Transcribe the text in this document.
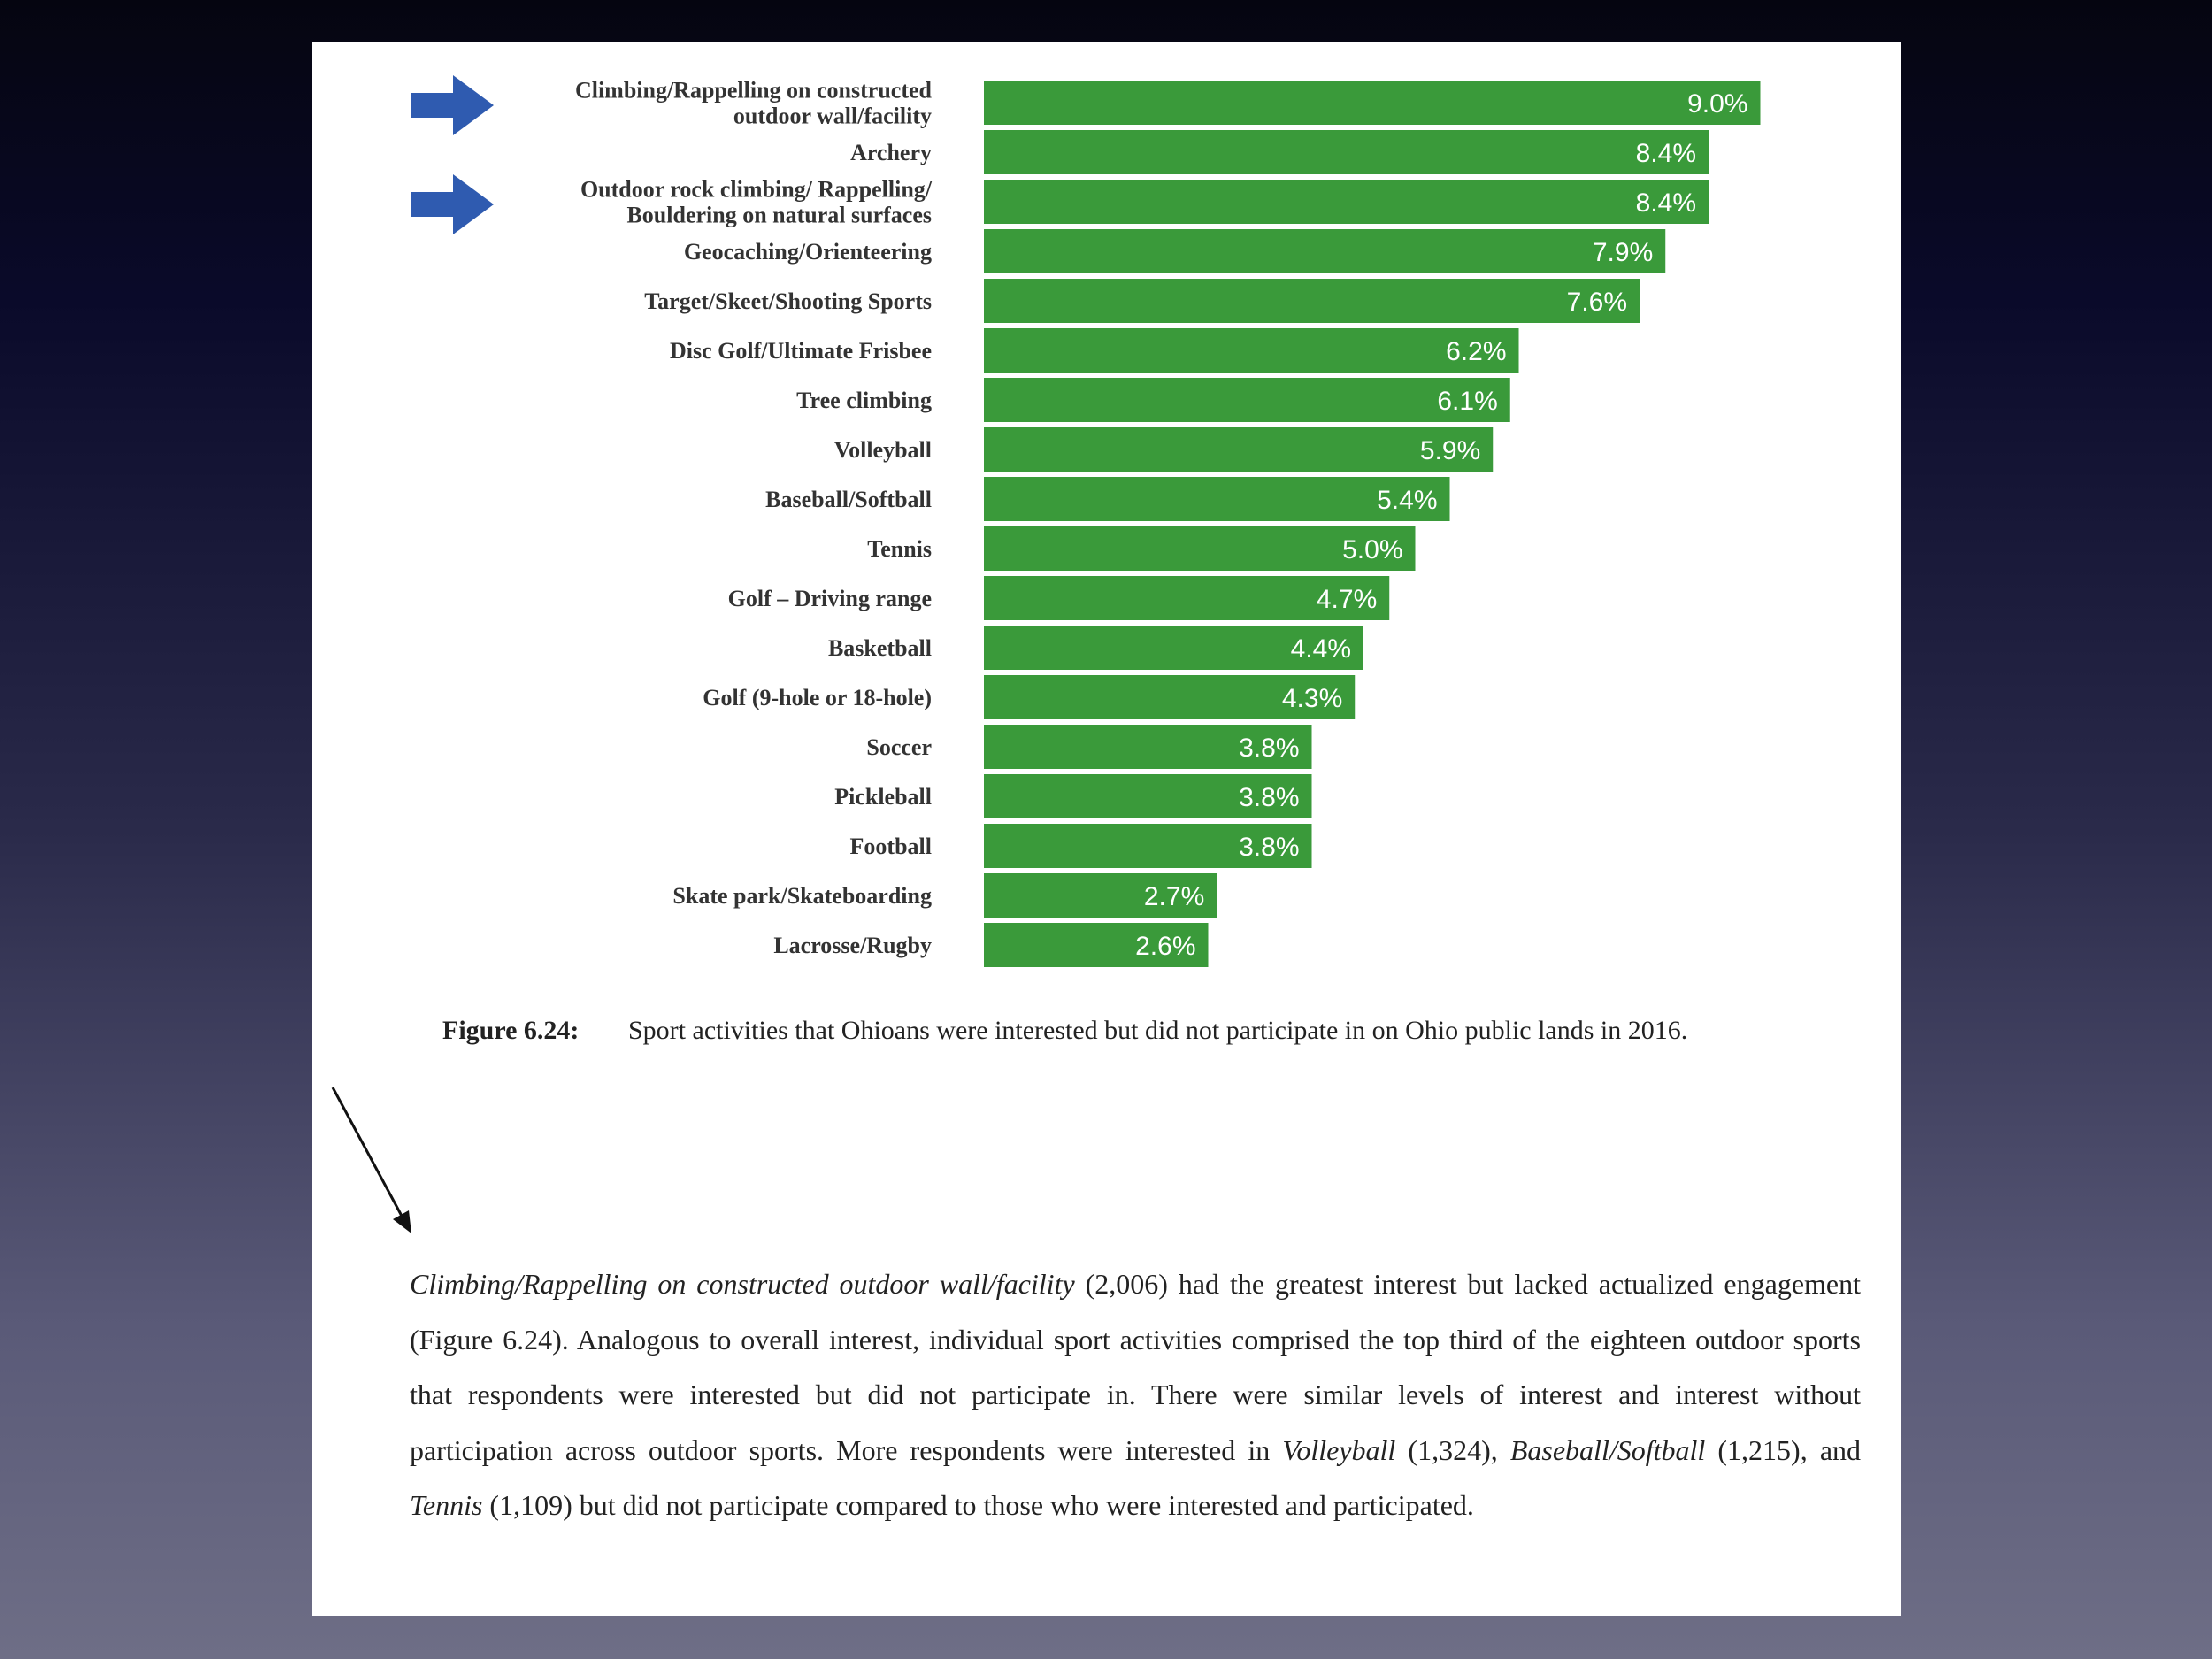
9.0%
Climbing/Rappelling on constructed
outdoor wall/facility
8.4%
Archery
8.4%
Outdoor rock climbing/ Rappelling/
Bouldering on natural surfaces
7.9%
Geocaching/Orienteering
7.6%
Target/Skeet/Shooting Sports
6.2%
Disc Golf/Ultimate Frisbee
6.1%
Tree climbing
5.9%
Volleyball
5.4%
Baseball/Softball
5.0%
Tennis
4.7%
Golf – Driving range
4.4%
Basketball
4.3%
Golf (9-hole or 18-hole)
3.8%
Soccer
3.8%
Pickleball
3.8%
Football
2.7%
Skate park/Skateboarding
2.6%
Lacrosse/Rugby
Figure 6.24: Sport activities that Ohioans were interested but did not participate in on Ohio public lands in 2016.
Climbing/Rappelling on constructed outdoor wall/facility (2,006) had the greatest interest but lacked actualized engagement (Figure 6.24). Analogous to overall interest, individual sport activities comprised the top third of the eighteen outdoor sports that respondents were interested but did not participate in. There were similar levels of interest and interest without participation across outdoor sports. More respondents were interested in Volleyball (1,324), Baseball/Softball (1,215), and Tennis (1,109) but did not participate compared to those who were interested and participated.
